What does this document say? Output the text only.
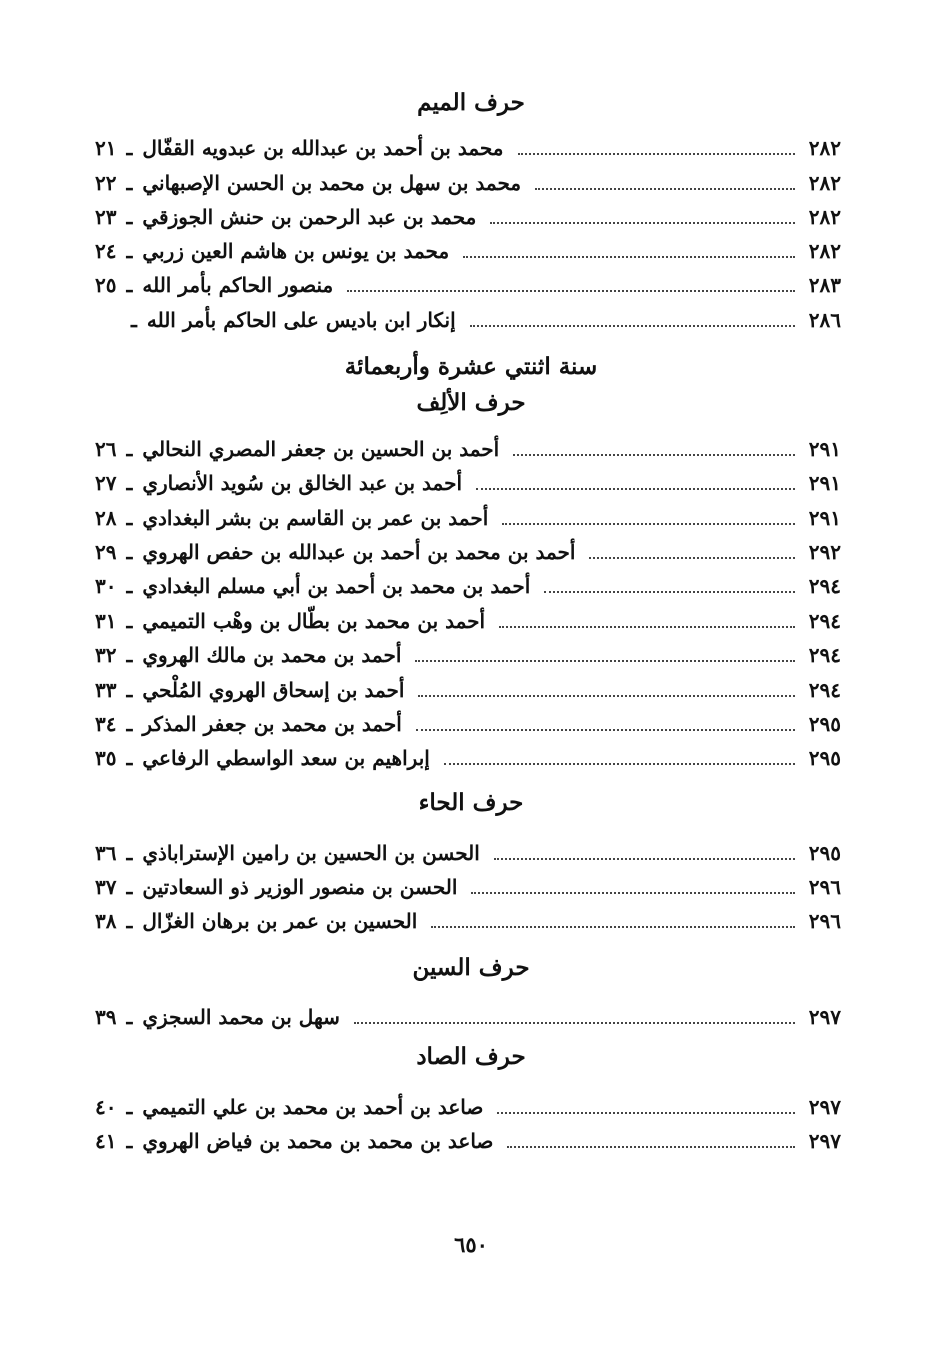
حرف الميم
٢١ ـ محمد بن أحمد بن عبدالله بن عبدويه القفّال	٢٨٢
٢٢ ـ محمد بن سهل بن محمد بن الحسن الإصبهاني	٢٨٢
٢٣ ـ محمد بن عبد الرحمن بن حنش الجوزقي	٢٨٢
٢٤ ـ محمد بن يونس بن هاشم العين زربي	٢٨٢
٢٥ ـ منصور الحاكم بأمر الله	٢٨٣
ـ إنكار ابن باديس على الحاكم بأمر الله	٢٨٦
سنة اثنتي عشرة وأربعمائة
حرف الألِف
٢٦ ـ أحمد بن الحسين بن جعفر المصري النحالي	٢٩١
٢٧ ـ أحمد بن عبد الخالق بن سُويد الأنصاري	٢٩١
٢٨ ـ أحمد بن عمر بن القاسم بن بشر البغدادي	٢٩١
٢٩ ـ أحمد بن محمد بن أحمد بن عبدالله بن حفص الهروي	٢٩٢
٣٠ ـ أحمد بن محمد بن أحمد بن أبي مسلم البغدادي	٢٩٤
٣١ ـ أحمد بن محمد بن بطّال بن وهْب التميمي	٢٩٤
٣٢ ـ أحمد بن محمد بن مالك الهروي	٢٩٤
٣٣ ـ أحمد بن إسحاق الهروي المُلْحي	٢٩٤
٣٤ ـ أحمد بن محمد بن جعفر المذكر	٢٩٥
٣٥ ـ إبراهيم بن سعد الواسطي الرفاعي	٢٩٥
حرف الحاء
٣٦ ـ الحسن بن الحسين بن رامين الإستراباذي	٢٩٥
٣٧ ـ الحسن بن منصور الوزير ذو السعادتين	٢٩٦
٣٨ ـ الحسين بن عمر بن برهان الغزّال	٢٩٦
حرف السين
٣٩ ـ سهل بن محمد السجزي	٢٩٧
حرف الصاد
٤٠ ـ صاعد بن أحمد بن محمد بن علي التميمي	٢٩٧
٤١ ـ صاعد بن محمد بن محمد بن فياض الهروي	٢٩٧
٦٥٠
